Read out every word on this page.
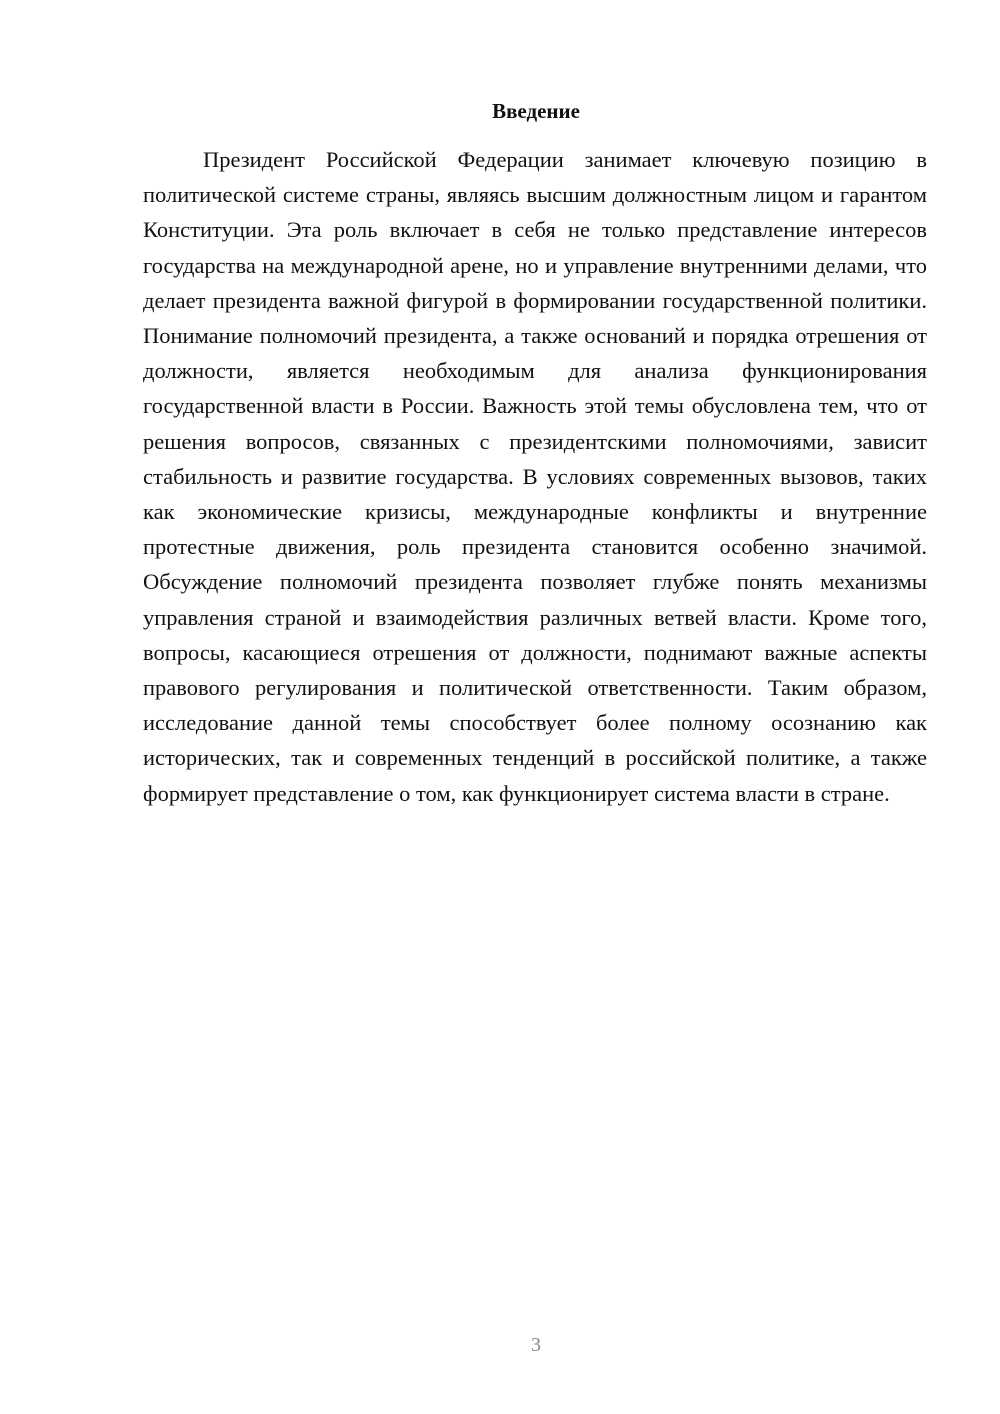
Введение

Президент Российской Федерации занимает ключевую позицию в политической системе страны, являясь высшим должностным лицом и гарантом Конституции. Эта роль включает в себя не только представление интересов государства на международной арене, но и управление внутренними делами, что делает президента важной фигурой в формировании государственной политики. Понимание полномочий президента, а также оснований и порядка отрешения от должности, является необходимым для анализа функционирования государственной власти в России. Важность этой темы обусловлена тем, что от решения вопросов, связанных с президентскими полномочиями, зависит стабильность и развитие государства. В условиях современных вызовов, таких как экономические кризисы, международные конфликты и внутренние протестные движения, роль президента становится особенно значимой. Обсуждение полномочий президента позволяет глубже понять механизмы управления страной и взаимодействия различных ветвей власти. Кроме того, вопросы, касающиеся отрешения от должности, поднимают важные аспекты правового регулирования и политической ответственности. Таким образом, исследование данной темы способствует более полному осознанию как исторических, так и современных тенденций в российской политике, а также формирует представление о том, как функционирует система власти в стране.

3
